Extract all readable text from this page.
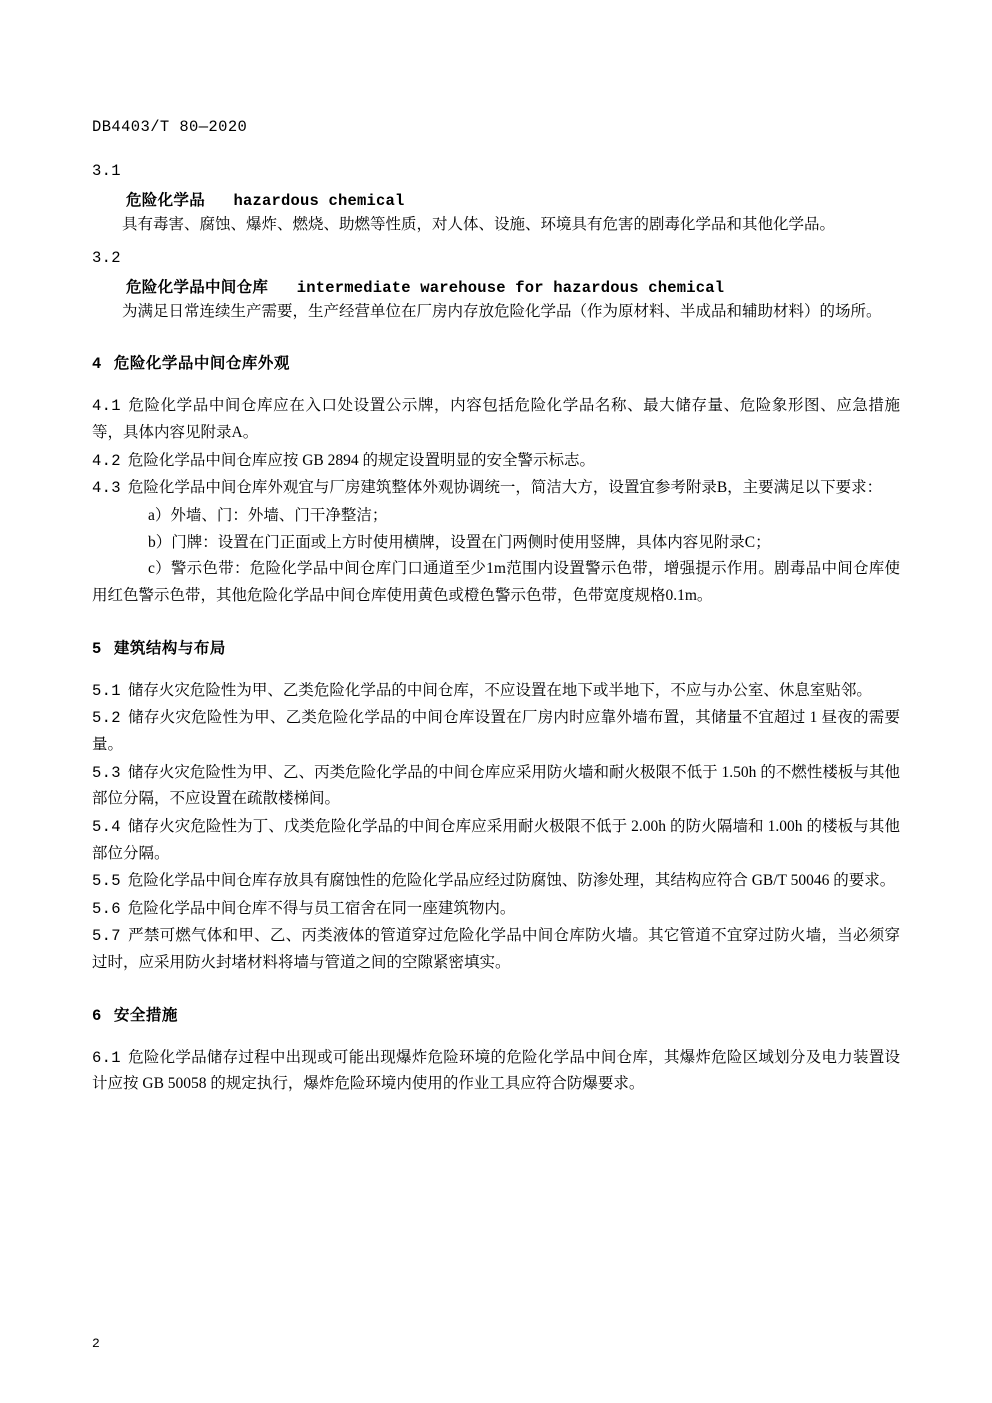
DB4403/T 80—2020
3.1
危险化学品 hazardous chemical

具有毒害、腐蚀、爆炸、燃烧、助燃等性质，对人体、设施、环境具有危害的剧毒化学品和其他化学品。

3.2
危险化学品中间仓库 intermediate warehouse for hazardous chemical

为满足日常连续生产需要，生产经营单位在厂房内存放危险化学品（作为原材料、半成品和辅助材料）的场所。

4 危险化学品中间仓库外观

4.1 危险化学品中间仓库应在入口处设置公示牌，内容包括危险化学品名称、最大储存量、危险象形图、应急措施等，具体内容见附录A。

4.2 危险化学品中间仓库应按 GB 2894 的规定设置明显的安全警示标志。

4.3 危险化学品中间仓库外观宜与厂房建筑整体外观协调统一，简洁大方，设置宜参考附录B，主要满足以下要求：

a）外墙、门：外墙、门干净整洁；

b）门牌：设置在门正面或上方时使用横牌，设置在门两侧时使用竖牌，具体内容见附录C；

c）警示色带：危险化学品中间仓库门口通道至少1m范围内设置警示色带，增强提示作用。剧毒品中间仓库使用红色警示色带，其他危险化学品中间仓库使用黄色或橙色警示色带，色带宽度规格0.1m。

5 建筑结构与布局

5.1 储存火灾危险性为甲、乙类危险化学品的中间仓库，不应设置在地下或半地下，不应与办公室、休息室贴邻。

5.2 储存火灾危险性为甲、乙类危险化学品的中间仓库设置在厂房内时应靠外墙布置，其储量不宜超过 1 昼夜的需要量。

5.3 储存火灾危险性为甲、乙、丙类危险化学品的中间仓库应采用防火墙和耐火极限不低于 1.50h 的不燃性楼板与其他部位分隔，不应设置在疏散楼梯间。

5.4 储存火灾危险性为丁、戊类危险化学品的中间仓库应采用耐火极限不低于 2.00h 的防火隔墙和 1.00h 的楼板与其他部位分隔。

5.5 危险化学品中间仓库存放具有腐蚀性的危险化学品应经过防腐蚀、防渗处理，其结构应符合 GB/T 50046 的要求。

5.6 危险化学品中间仓库不得与员工宿舍在同一座建筑物内。

5.7 严禁可燃气体和甲、乙、丙类液体的管道穿过危险化学品中间仓库防火墙。其它管道不宜穿过防火墙，当必须穿过时，应采用防火封堵材料将墙与管道之间的空隙紧密填实。

6 安全措施

6.1 危险化学品储存过程中出现或可能出现爆炸危险环境的危险化学品中间仓库，其爆炸危险区域划分及电力装置设计应按 GB 50058 的规定执行，爆炸危险环境内使用的作业工具应符合防爆要求。

2
